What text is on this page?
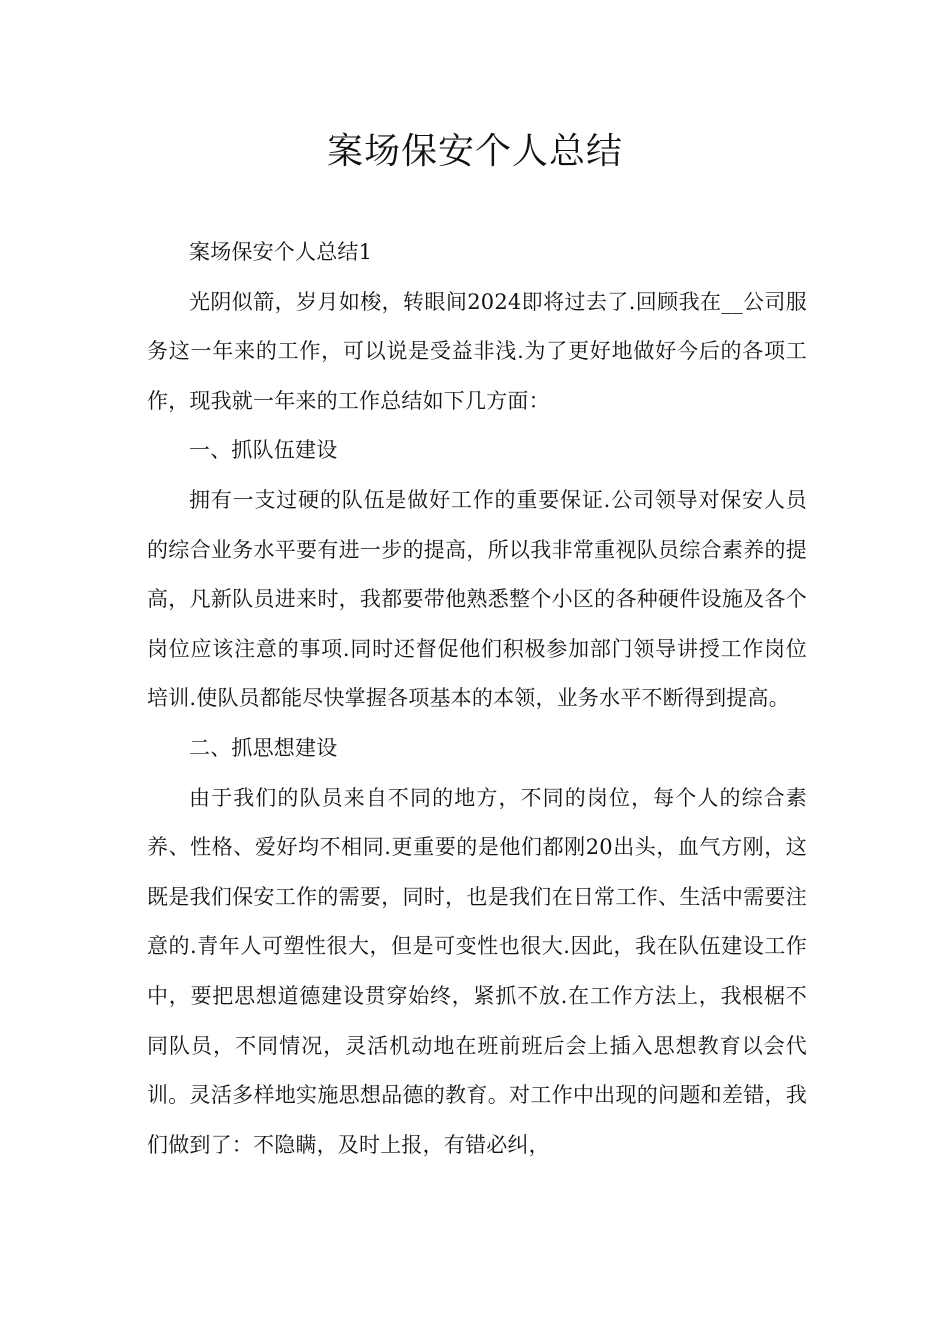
案场保安个人总结

案场保安个人总结1

光阴似箭，岁月如梭，转眼间2024即将过去了.回顾我在__公司服务这一年来的工作，可以说是受益非浅.为了更好地做好今后的各项工作，现我就一年来的工作总结如下几方面：

一、抓队伍建设

拥有一支过硬的队伍是做好工作的重要保证.公司领导对保安人员的综合业务水平要有进一步的提高，所以我非常重视队员综合素养的提高，凡新队员进来时，我都要带他熟悉整个小区的各种硬件设施及各个岗位应该注意的事项.同时还督促他们积极参加部门领导讲授工作岗位培训.使队员都能尽快掌握各项基本的本领，业务水平不断得到提高。

二、抓思想建设

由于我们的队员来自不同的地方，不同的岗位，每个人的综合素养、性格、爱好均不相同.更重要的是他们都刚20出头，血气方刚，这既是我们保安工作的需要，同时，也是我们在日常工作、生活中需要注意的.青年人可塑性很大，但是可变性也很大.因此，我在队伍建设工作中，要把思想道德建设贯穿始终，紧抓不放.在工作方法上，我根椐不同队员，不同情况，灵活机动地在班前班后会上插入思想教育以会代训。灵活多样地实施思想品德的教育。对工作中出现的问题和差错，我们做到了：不隐瞒，及时上报，有错必纠，
